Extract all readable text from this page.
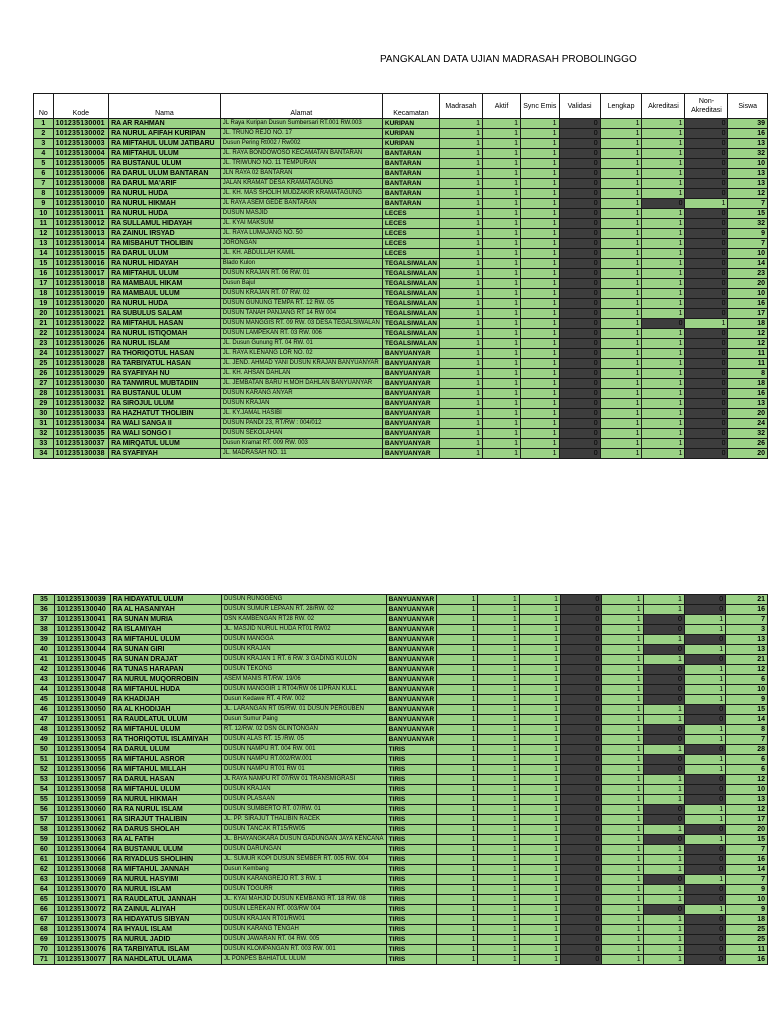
PANGKALAN DATA UJIAN MADRASAH PROBOLINGGO
No	Kode	Nama	Alamat	Kecamatan	Madrasah	Aktif	Sync Emis	Validasi	Lengkap	Akreditasi	Non-Akreditasi	Siswa
1	101235130001	RA AR RAHMAN	JL Raya Kuripan Dusun Sumbersari RT.001 RW.003	KURIPAN	1	1	1	0	1	1	0	39
2	101235130002	RA NURUL AFIFAH KURIPAN	JL. TRUNO REJO NO. 17	KURIPAN	1	1	1	0	1	1	0	16
3	101235130003	RA MIFTAHUL ULUM JATIBARU	Dusun Pering Rt002 / Rw002	KURIPAN	1	1	1	0	1	1	0	13
4	101235130004	RA MIFTAHUL ULUM	JL. RAYA BONDOWOSO KECAMATAN BANTARAN	BANTARAN	1	1	1	0	1	1	0	32
5	101235130005	RA BUSTANUL ULUM	JL. TRIWUNO NO. 11 TEMPURAN	BANTARAN	1	1	1	0	1	1	0	10
6	101235130006	RA DARUL ULUM BANTARAN	JLN RAYA 02 BANTARAN	BANTARAN	1	1	1	0	1	1	0	13
7	101235130008	RA DARUL MA'ARIF	JALAN KRAMAT DESA KRAMATAGUNG	BANTARAN	1	1	1	0	1	1	0	13
8	101235130009	RA NURUL HUDA	JL. KH. MAS SHOLIH MUDZAKIR KRAMATAGUNG	BANTARAN	1	1	1	0	1	1	0	12
9	101235130010	RA NURUL HIKMAH	JL RAYA ASEM GEDE BANTARAN	BANTARAN	1	1	1	0	1	0	1	7
10	101235130011	RA NURUL HUDA	DUSUN MASJID	LECES	1	1	1	0	1	1	0	15
11	101235130012	RA SULLAMUL HIDAYAH	JL. KYAI MAKSUM	LECES	1	1	1	0	1	1	0	32
12	101235130013	RA ZAINUL IRSYAD	JL. RAYA LUMAJANG NO. 50	LECES	1	1	1	0	1	1	0	9
13	101235130014	RA MISBAHUT THOLIBIN	JORONGAN	LECES	1	1	1	0	1	1	0	7
14	101235130015	RA DARUL ULUM	JL. KH. ABDULLAH KAMIL	LECES	1	1	1	0	1	1	0	10
15	101235130016	RA NURUL HIDAYAH	Blado Kulon	TEGALSIWALAN	1	1	1	0	1	1	0	14
16	101235130017	RA MIFTAHUL ULUM	DUSUN KRAJAN RT. 06 RW. 01	TEGALSIWALAN	1	1	1	0	1	1	0	23
17	101235130018	RA MAMBAUL HIKAM	Dusun Bajul	TEGALSIWALAN	1	1	1	0	1	1	0	20
18	101235130019	RA MAMBAUL ULUM	DUSUN KRAJAN RT. 07 RW. 02	TEGALSIWALAN	1	1	1	0	1	1	0	10
19	101235130020	RA NURUL HUDA	DUSUN GUNUNG TEMPA RT. 12 RW. 05	TEGALSIWALAN	1	1	1	0	1	1	0	16
20	101235130021	RA SUBULUS SALAM	DUSUN TANAH PANJANG RT 14 RW 004	TEGALSIWALAN	1	1	1	0	1	1	0	17
21	101235130022	RA MIFTAHUL HASAN	DUSUN MANGGIS RT. 09 RW. 03 DESA TEGALSIWALAN	TEGALSIWALAN	1	1	1	0	1	0	1	18
22	101235130024	RA NURUL ISTIQOMAH	DUSUN LAMPEKAN RT. 03 RW. 006	TEGALSIWALAN	1	1	1	0	1	1	0	12
23	101235130026	RA NURUL ISLAM	JL. Dusun Gunung RT. 04 RW. 01	TEGALSIWALAN	1	1	1	0	1	1	0	12
24	101235130027	RA THORIQOTUL HASAN	JL. RAYA KLENANG LOR NO. 02	BANYUANYAR	1	1	1	0	1	1	0	11
25	101235130028	RA TARBIYATUL HASAN	JL. JEND. AHMAD YANI DUSUN KRAJAN BANYUANYAR	BANYUANYAR	1	1	1	0	1	1	0	11
26	101235130029	RA SYAFIIYAH NU	JL. KH. AHSAN DAHLAN	BANYUANYAR	1	1	1	0	1	1	0	8
27	101235130030	RA TANWIRUL MUBTADIIN	JL. JEMBATAN BARU H.MOH DAHLAN BANYUANYAR	BANYUANYAR	1	1	1	0	1	1	0	18
28	101235130031	RA BUSTANUL ULUM	DUSUN KARANG ANYAR	BANYUANYAR	1	1	1	0	1	1	0	16
29	101235130032	RA SIROJUL ULUM	DUSUN KRAJAN	BANYUANYAR	1	1	1	0	1	1	0	13
30	101235130033	RA HAZHATUT THOLIBIN	JL. KY.JAMAL HASIBI	BANYUANYAR	1	1	1	0	1	1	0	20
31	101235130034	RA WALI SANGA II	DUSUN PANDI 23, RT/RW : 004/012	BANYUANYAR	1	1	1	0	1	1	0	24
32	101235130035	RA WALI SONGO I	DUSUN SEKOLAHAN	BANYUANYAR	1	1	1	0	1	1	0	32
33	101235130037	RA MIRQATUL ULUM	Dusun Kramat RT. 009 RW. 003	BANYUANYAR	1	1	1	0	1	1	0	26
34	101235130038	RA SYAFIIYAH	JL. MADRASAH NO. 11	BANYUANYAR	1	1	1	0	1	1	0	20
35	101235130039	RA HIDAYATUL ULUM	DUSUN RUNGGENG	BANYUANYAR	1	1	1	0	1	1	0	21
36	101235130040	RA AL HASANIYAH	DUSUN SUMUR LEPAAN RT. 28/RW. 02	BANYUANYAR	1	1	1	0	1	1	0	16
37	101235130041	RA SUNAN MURIA	DSN KAMBENGAN RT28 RW. 02	BANYUANYAR	1	1	1	0	1	0	1	7
38	101235130042	RA ISLAMIYAH	JL. MASJID NURUL HUDA RT01 RW02	BANYUANYAR	1	1	1	0	1	0	1	3
39	101235130043	RA MIFTAHUL ULUM	DUSUN MANGGA	BANYUANYAR	1	1	1	0	1	1	0	13
40	101235130044	RA SUNAN GIRI	DUSUN KRAJAN	BANYUANYAR	1	1	1	0	1	0	1	13
41	101235130045	RA SUNAN DRAJAT	DUSUN KRAJAN 1 RT. 6 RW. 3 GADING KULON	BANYUANYAR	1	1	1	0	1	1	0	21
42	101235130046	RA TUNAS HARAPAN	DUSUN TEKONG	BANYUANYAR	1	1	1	0	1	0	1	12
43	101235130047	RA NURUL MUQORROBIN	ASEM MANIS RT/RW. 19/06	BANYUANYAR	1	1	1	0	1	0	1	6
44	101235130048	RA MIFTAHUL HUDA	DUSUN MANGGIR 1 RT04/RW 06 LIPRAN KULL	BANYUANYAR	1	1	1	0	1	0	1	10
45	101235130049	RA KHADIJAH	Dusun Kedawe RT. 4 RW. 002	BANYUANYAR	1	1	1	0	1	0	1	9
46	101235130050	RA AL KHODIJAH	JL. LARANGAN RT 05/RW. 01 DUSUN PERGUBEN	BANYUANYAR	1	1	1	0	1	1	0	15
47	101235130051	RA RAUDLATUL ULUM	Dusun Sumur Paing	BANYUANYAR	1	1	1	0	1	1	0	14
48	101235130052	RA MIFTAHUL ULUM	RT. 12/RW. 02 DSN GLINTONGAN	BANYUANYAR	1	1	1	0	1	0	1	8
49	101235130053	RA THORIQOTUL ISLAMIYAH	DUSUN ALAS RT. 15 /RW. 05	BANYUANYAR	1	1	1	0	1	0	1	7
50	101235130054	RA DARUL ULUM	DUSUN NAMPU RT. 004 RW. 001	TIRIS	1	1	1	0	1	1	0	28
51	101235130055	RA MIFTAHUL ASROR	DUSUN NAMPU RT.002/RW.001	TIRIS	1	1	1	0	1	0	1	6
52	101235130056	RA MIFTAHUL MILLAH	DUSUN NAMPU RT01 RW 01	TIRIS	1	1	1	0	1	0	1	6
53	101235130057	RA DARUL HASAN	JL RAYA NAMPU RT 07/RW 01 TRANSMIGRASI	TIRIS	1	1	1	0	1	1	0	12
54	101235130058	RA MIFTAHUL ULUM	DUSUN KRAJAN	TIRIS	1	1	1	0	1	1	0	10
55	101235130059	RA NURUL HIKMAH	DUSUN PLASAAN	TIRIS	1	1	1	0	1	1	0	13
56	101235130060	RA RA NURUL ISLAM	DUSUN SUMBERTO RT. 07/RW. 01	TIRIS	1	1	1	0	1	0	1	12
57	101235130061	RA SIRAJUT THALIBIN	JL. PP. SIRAJUT THALIBIN RACEK	TIRIS	1	1	1	0	1	0	1	17
58	101235130062	RA DARUS SHOLAH	DUSUN TANCAK RT15/RW05	TIRIS	1	1	1	0	1	1	0	20
59	101235130063	RA AL FATIH	JL. BHAYANGKARA DUSUN GADUNGAN JAYA KENCANA	TIRIS	1	1	1	0	1	0	1	15
60	101235130064	RA BUSTANUL ULUM	DUSUN DARUNGAN	TIRIS	1	1	1	0	1	1	0	7
61	101235130066	RA RIYADLUS SHOLIHIN	JL. SUMUR KOPI DUSUN SEMBER RT. 005 RW. 004	TIRIS	1	1	1	0	1	1	0	16
62	101235130068	RA MIFTAHUL JANNAH	Dusun Kembang	TIRIS	1	1	1	0	1	1	0	14
63	101235130069	RA NURUL HASYIMI	DUSUN KARANGREJO RT. 3 RW. 1	TIRIS	1	1	1	0	1	0	1	7
64	101235130070	RA NURUL ISLAM	DUSUN TOGURR	TIRIS	1	1	1	0	1	1	0	9
65	101235130071	RA RAUDLATUL JANNAH	JL. KYAI MAHJID DUSUN KEMBANG RT. 18 RW. 08	TIRIS	1	1	1	0	1	1	0	10
66	101235130072	RA ZAINUL ALIYAH	DUSUN LEREKAN RT. 003/RW 004	TIRIS	1	1	1	0	1	0	1	9
67	101235130073	RA HIDAYATUS SIBYAN	DUSUN KRAJAN RT01/RW01	TIRIS	1	1	1	0	1	1	0	18
68	101235130074	RA IHYAUL ISLAM	DUSUN KARANG TENGAH	TIRIS	1	1	1	0	1	1	0	25
69	101235130075	RA NURUL JADID	DUSUN JAWARAN RT. 04 RW. 005	TIRIS	1	1	1	0	1	1	0	25
70	101235130076	RA TARBIYATUL ISLAM	DUSUN KLOMPANGAN RT. 003 RW. 001	TIRIS	1	1	1	0	1	1	0	11
71	101235130077	RA NAHDLATUL ULAMA	JL PONPES BAHIATUL ULUM	TIRIS	1	1	1	0	1	1	0	16
